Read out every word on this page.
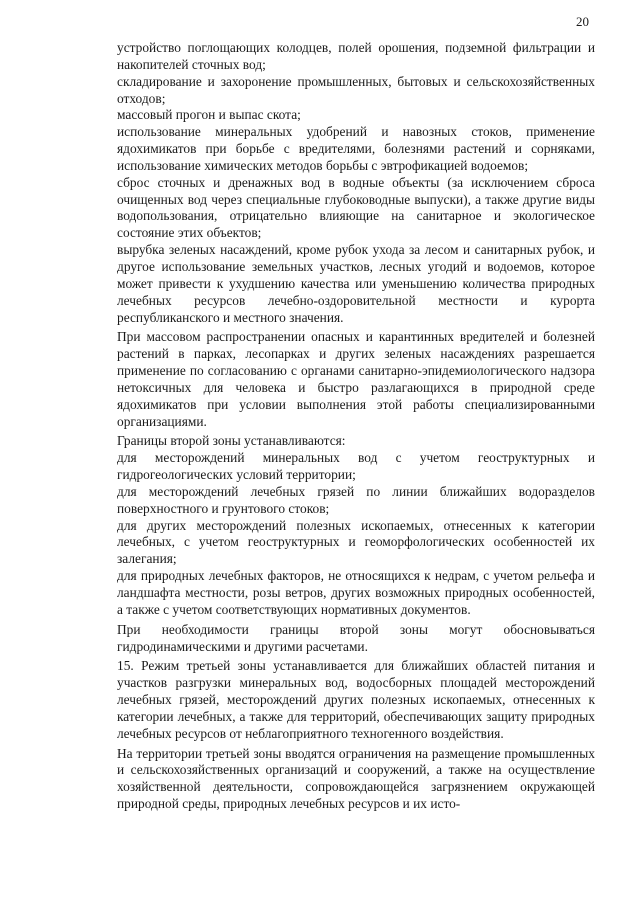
20

устройство поглощающих колодцев, полей орошения, подземной фильтрации и накопителей сточных вод;

складирование и захоронение промышленных, бытовых и сельскохозяйственных отходов;

массовый прогон и выпас скота;

использование минеральных удобрений и навозных стоков, применение ядохимикатов при борьбе с вредителями, болезнями растений и сорняками, использование химических методов борьбы с эвтрофикацией водоемов;

сброс сточных и дренажных вод в водные объекты (за исключением сброса очищенных вод через специальные глубоководные выпуски), а также другие виды водопользования, отрицательно влияющие на санитарное и экологическое состояние этих объектов;

вырубка зеленых насаждений, кроме рубок ухода за лесом и санитарных рубок, и другое использование земельных участков, лесных угодий и водоемов, которое может привести к ухудшению качества или уменьшению количества природных лечебных ресурсов лечебно-оздоровительной местности и курорта республиканского и местного значения.

При массовом распространении опасных и карантинных вредителей и болезней растений в парках, лесопарках и других зеленых насаждениях разрешается применение по согласованию с органами санитарно-эпидемиологического надзора нетоксичных для человека и быстро разлагающихся в природной среде ядохимикатов при условии выполнения этой работы специализированными организациями.

Границы второй зоны устанавливаются:

для месторождений минеральных вод с учетом геоструктурных и гидрогеологических условий территории;

для месторождений лечебных грязей по линии ближайших водоразделов поверхностного и грунтового стоков;

для других месторождений полезных ископаемых, отнесенных к категории лечебных, с учетом геоструктурных и геоморфологических особенностей их залегания;

для природных лечебных факторов, не относящихся к недрам, с учетом рельефа и ландшафта местности, розы ветров, других возможных природных особенностей, а также с учетом соответствующих нормативных документов.

При необходимости границы второй зоны могут обосновываться гидродинамическими и другими расчетами.

15. Режим третьей зоны устанавливается для ближайших областей питания и участков разгрузки минеральных вод, водосборных площадей месторождений лечебных грязей, месторождений других полезных ископаемых, отнесенных к категории лечебных, а также для территорий, обеспечивающих защиту природных лечебных ресурсов от неблагоприятного техногенного воздействия.

На территории третьей зоны вводятся ограничения на размещение промышленных и сельскохозяйственных организаций и сооружений, а также на осуществление хозяйственной деятельности, сопровождающейся загрязнением окружающей природной среды, природных лечебных ресурсов и их исто-
